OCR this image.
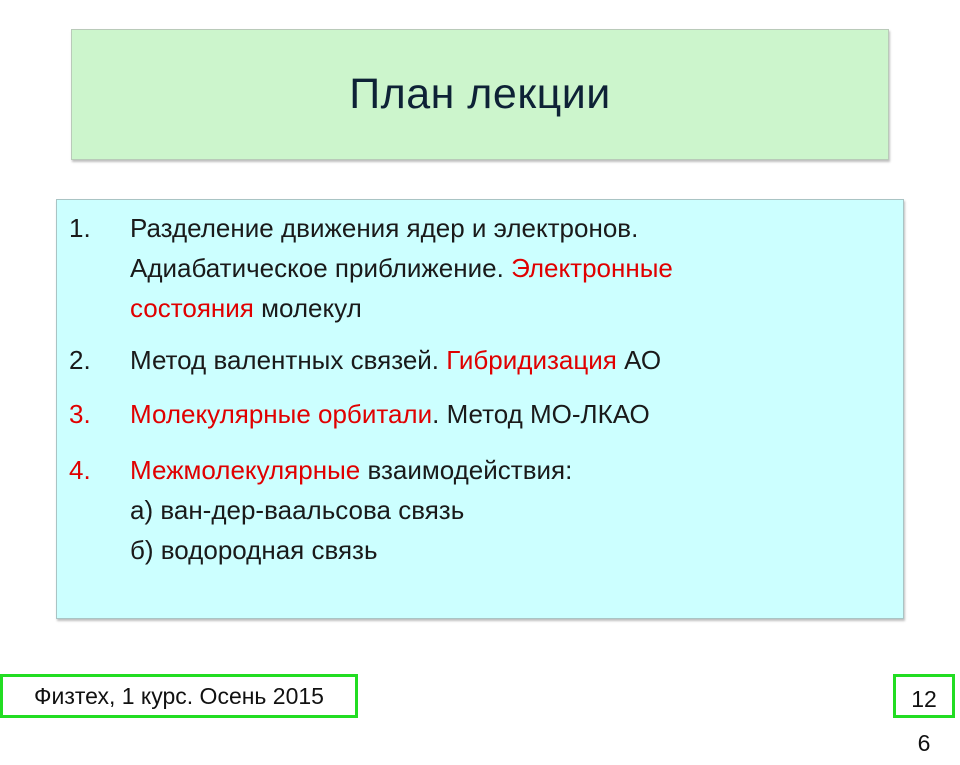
План лекции
1. Разделение движения ядер и электронов.
Адиабатическое приближение. Электронные
состояния молекул
2. Метод валентных связей. Гибридизация АО
3. Молекулярные орбитали. Метод МО-ЛКАО
4. Межмолекулярные взаимодействия:
а) ван-дер-ваальсова связь
б) водородная связь
Физтех, 1 курс. Осень 2015	12
6
